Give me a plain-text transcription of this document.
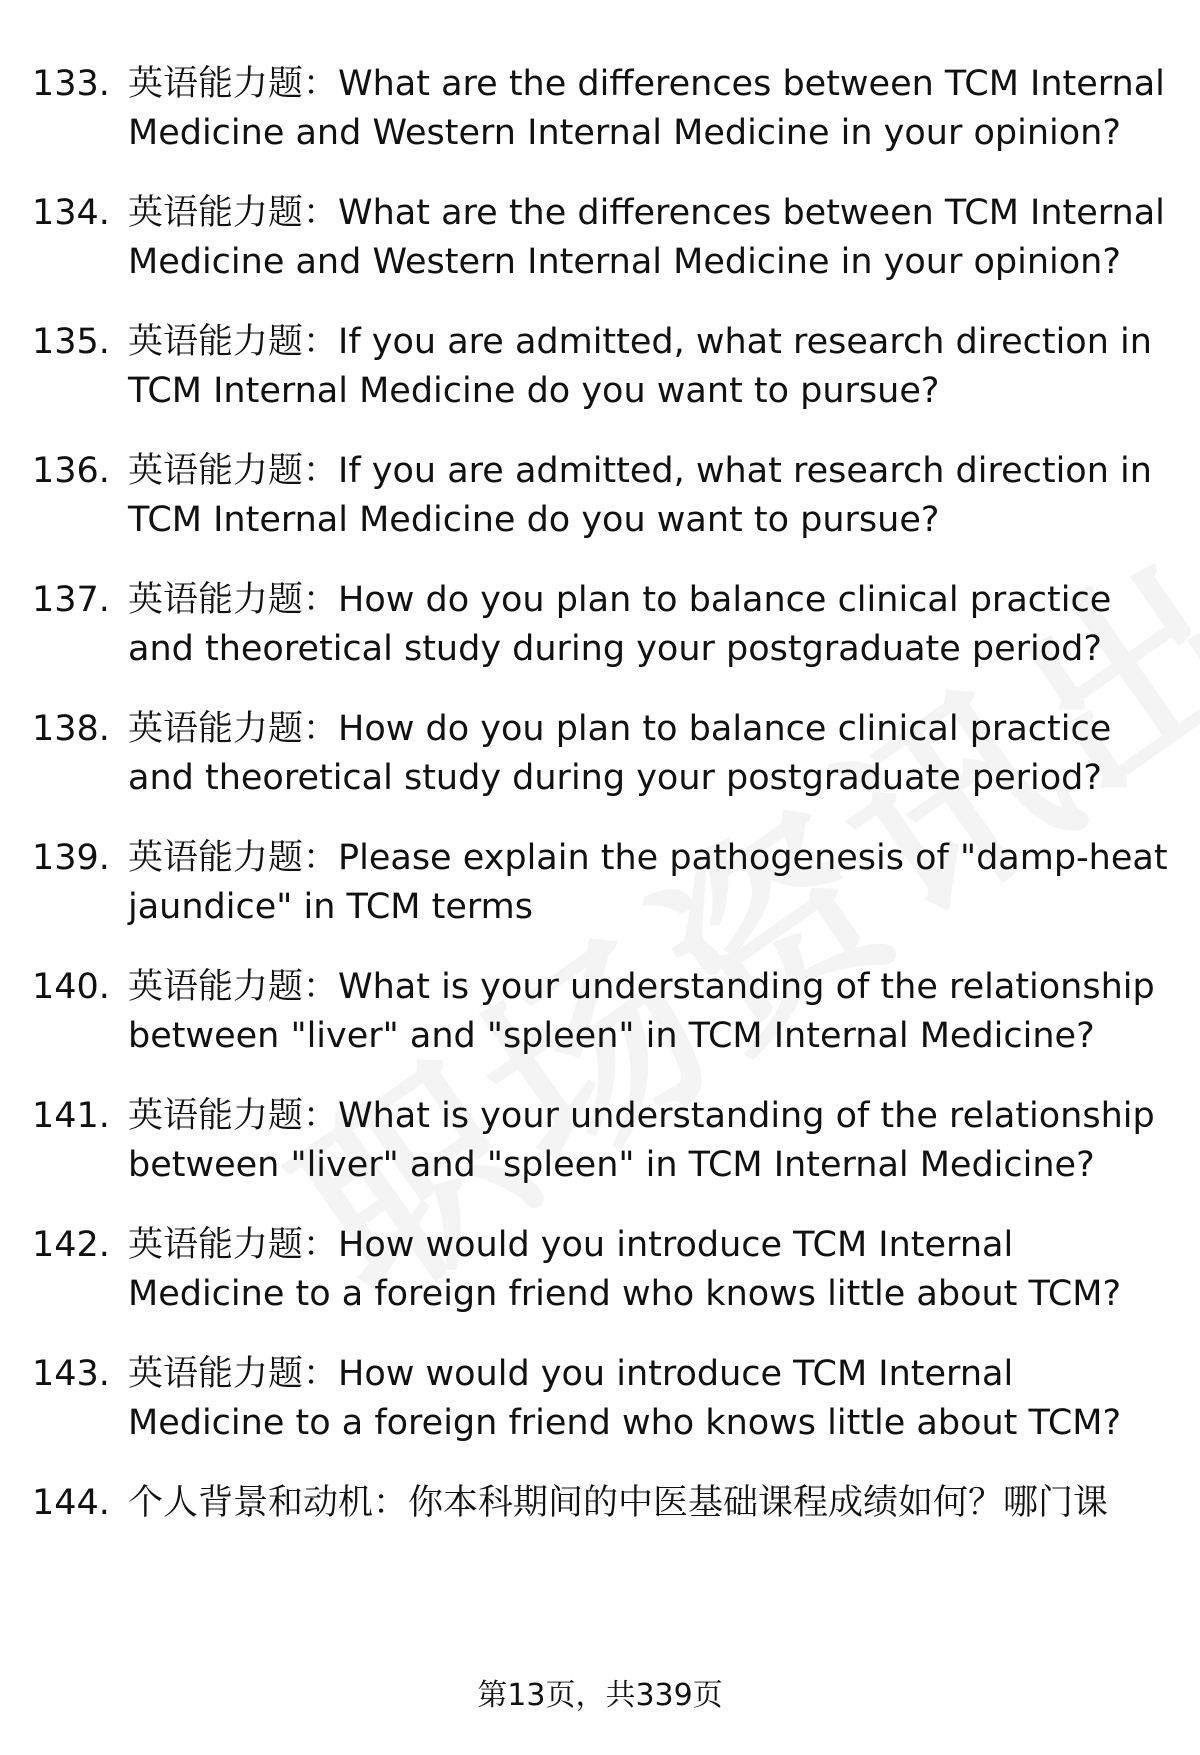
133. 英语能力题：What are the differences between TCM Internal Medicine and Western Internal Medicine in your opinion?
134. 英语能力题：What are the differences between TCM Internal Medicine and Western Internal Medicine in your opinion?
135. 英语能力题：If you are admitted, what research direction in TCM Internal Medicine do you want to pursue?
136. 英语能力题：If you are admitted, what research direction in TCM Internal Medicine do you want to pursue?
137. 英语能力题：How do you plan to balance clinical practice and theoretical study during your postgraduate period?
138. 英语能力题：How do you plan to balance clinical practice and theoretical study during your postgraduate period?
139. 英语能力题：Please explain the pathogenesis of "damp-heat jaundice" in TCM terms
140. 英语能力题：What is your understanding of the relationship between "liver" and "spleen" in TCM Internal Medicine?
141. 英语能力题：What is your understanding of the relationship between "liver" and "spleen" in TCM Internal Medicine?
142. 英语能力题：How would you introduce TCM Internal Medicine to a foreign friend who knows little about TCM?
143. 英语能力题：How would you introduce TCM Internal Medicine to a foreign friend who knows little about TCM?
144. 个人背景和动机：你本科期间的中医基础课程成绩如何？哪门课
第13页，共339页
